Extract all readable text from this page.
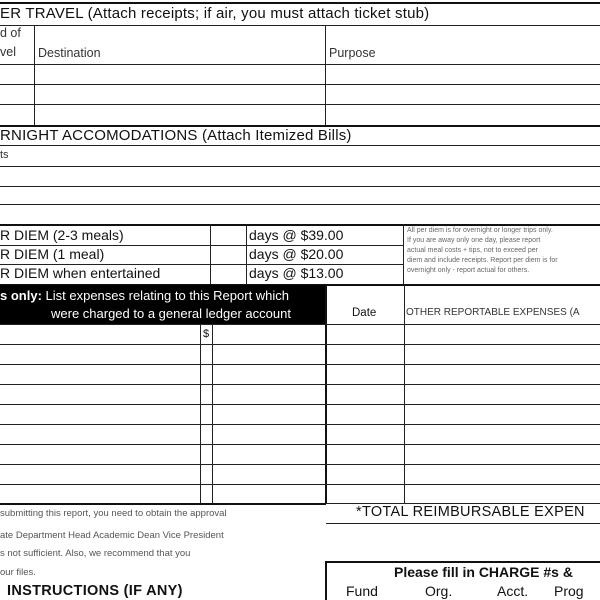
ER TRAVEL (Attach receipts; if air, you must attach ticket stub)
d of
vel Destination	Purpose
RNIGHT ACCOMODATIONS (Attach Itemized Bills)
ts
R DIEM (2-3 meals)	days @ $39.00
R DIEM (1 meal)	days @ $20.00
R DIEM when entertained	days @ $13.00
All per diem is for overnight or longer trips only.
If you are away only one day, please report
actual meal costs + tips, not to exceed per
diem and include receipts. Report per diem is for
overnight only - report actual for others.
s only: List expenses relating to this Report which
were charged to a general ledger account
$
Date	OTHER REPORTABLE EXPENSES (A
*TOTAL REIMBURSABLE EXPEN
submitting this report, you need to obtain the approval
ate Department Head Academic Dean Vice President
s not sufficient. Also, we recommend that you
our files.
INSTRUCTIONS (IF ANY)
Please fill in CHARGE #s &
Fund	Org.	Acct. Prog
